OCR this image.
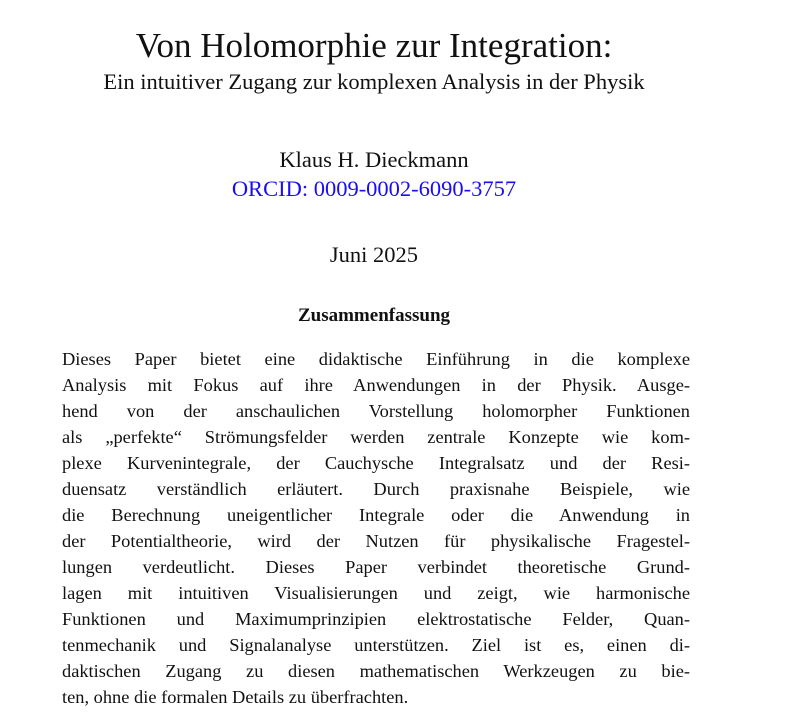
Von Holomorphie zur Integration:
Ein intuitiver Zugang zur komplexen Analysis in der Physik
Klaus H. Dieckmann
ORCID: 0009-0002-6090-3757
Juni 2025
Zusammenfassung
Dieses Paper bietet eine didaktische Einführung in die komplexe
Analysis mit Fokus auf ihre Anwendungen in der Physik. Ausge-
hend von der anschaulichen Vorstellung holomorpher Funktionen
als „perfekte“ Strömungsfelder werden zentrale Konzepte wie kom-
plexe Kurvenintegrale, der Cauchysche Integralsatz und der Resi-
duensatz verständlich erläutert. Durch praxisnahe Beispiele, wie
die Berechnung uneigentlicher Integrale oder die Anwendung in
der Potentialtheorie, wird der Nutzen für physikalische Fragestel-
lungen verdeutlicht. Dieses Paper verbindet theoretische Grund-
lagen mit intuitiven Visualisierungen und zeigt, wie harmonische
Funktionen und Maximumprinzipien elektrostatische Felder, Quan-
tenmechanik und Signalanalyse unterstützen. Ziel ist es, einen di-
daktischen Zugang zu diesen mathematischen Werkzeugen zu bie-
ten, ohne die formalen Details zu überfrachten.
